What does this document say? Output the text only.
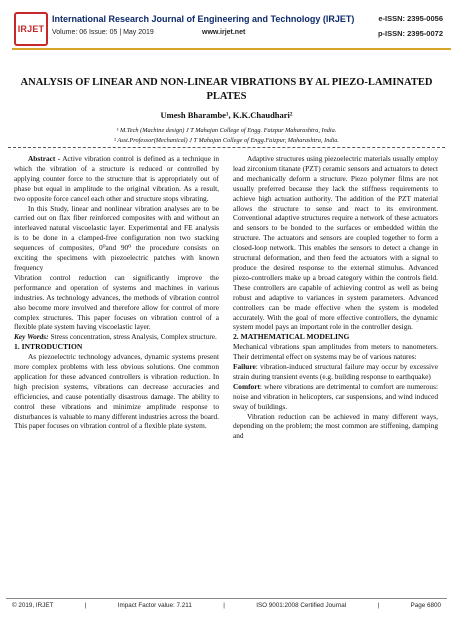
IRJET
International Research Journal of Engineering and Technology (IRJET)
Volume: 06 Issue: 05 | May 2019	www.irjet.net
e-ISSN: 2395-0056
p-ISSN: 2395-0072
ANALYSIS OF LINEAR AND NON-LINEAR VIBRATIONS BY AL PIEZO-LAMINATED PLATES
Umesh Bharambe¹, K.K.Chaudhari²
¹ M.Tech (Machine design) J T Mahajan College of Engg. Faizpur Maharashtra, India.
² Asst.Professor(Mechanical) J T Mahajan College of Engg.Faizpur, Maharashtra, India.

Abstract - Active vibration control is defined as a technique in which the vibration of a structure is reduced or controlled by applying counter force to the structure that is appropriately out of phase but equal in amplitude to the original vibration. As a result, two opposite force cancel each other and structure stops vibrating.

In this Study, linear and nonlinear vibration analyses are to be carried out on flax fiber reinforced composites with and without an interleaved natural viscoelastic layer. Experimental and FE analysis is to be done in a clamped-free configuration non two stacking sequences of composites, 0⁰and 90⁰ the procedure consists on exciting the specimens with piezoelectric patches with known frequency

Vibration control reduction can significantly improve the performance and operation of systems and machines in various industries. As technology advances, the methods of vibration control also become more involved and therefore allow for control of more complex structures. This paper focuses on vibration control of a flexible plate system having viscoelastic layer.

Key Words: Stress concentration, stress Analysis, Complex structure.

1. INTRODUCTION

As piezoelectric technology advances, dynamic systems present more complex problems with less obvious solutions. One common application for these advanced controllers is vibration reduction. In high precision systems, vibrations can decrease accuracies and efficiencies, and cause potentially disastrous damage. The ability to control these vibrations and minimize amplitude response to disturbances is valuable to many different industries across the board. This paper focuses on vibration control of a flexible plate system.

Adaptive structures using piezoelectric materials usually employ lead zirconium titanate (PZT) ceramic sensors and actuators to detect and mechanically deform a structure. Piezo polymer films are not usually preferred because they lack the stiffness requirements to achieve high actuation authority. The addition of the PZT material allows the structure to sense and react to its environment. Conventional adaptive structures require a network of these actuators and sensors to be bonded to the surfaces or embedded within the structure. The actuators and sensors are coupled together to form a closed-loop network. This enables the sensors to detect a change in structural deformation, and then feed the actuators with a signal to produce the desired response to the external stimulus. Advanced piezo-controllers make up a broad category within the controls field. These controllers are capable of achieving control as well as being robust and adaptive to variances in system parameters. Advanced controllers can be made effective when the system is modeled accurately. With the goal of more effective controllers, the dynamic system model pays an important role in the controller design.

2. MATHEMATICAL MODELING

Mechanical vibrations span amplitudes from meters to nanometers. Their detrimental effect on systems may be of various natures:

Failure: vibration-induced structural failure may occur by excessive strain during transient events (e.g. building response to earthquake)

Comfort: where vibrations are detrimental to comfort are numerous: noise and vibration in helicopters, car suspensions, and wind induced sway of buildings.

Vibration reduction can be achieved in many different ways, depending on the problem; the most common are stiffening, damping and

© 2019, IRJET	|	Impact Factor value: 7.211	|	ISO 9001:2008 Certified Journal	|	Page 6800
